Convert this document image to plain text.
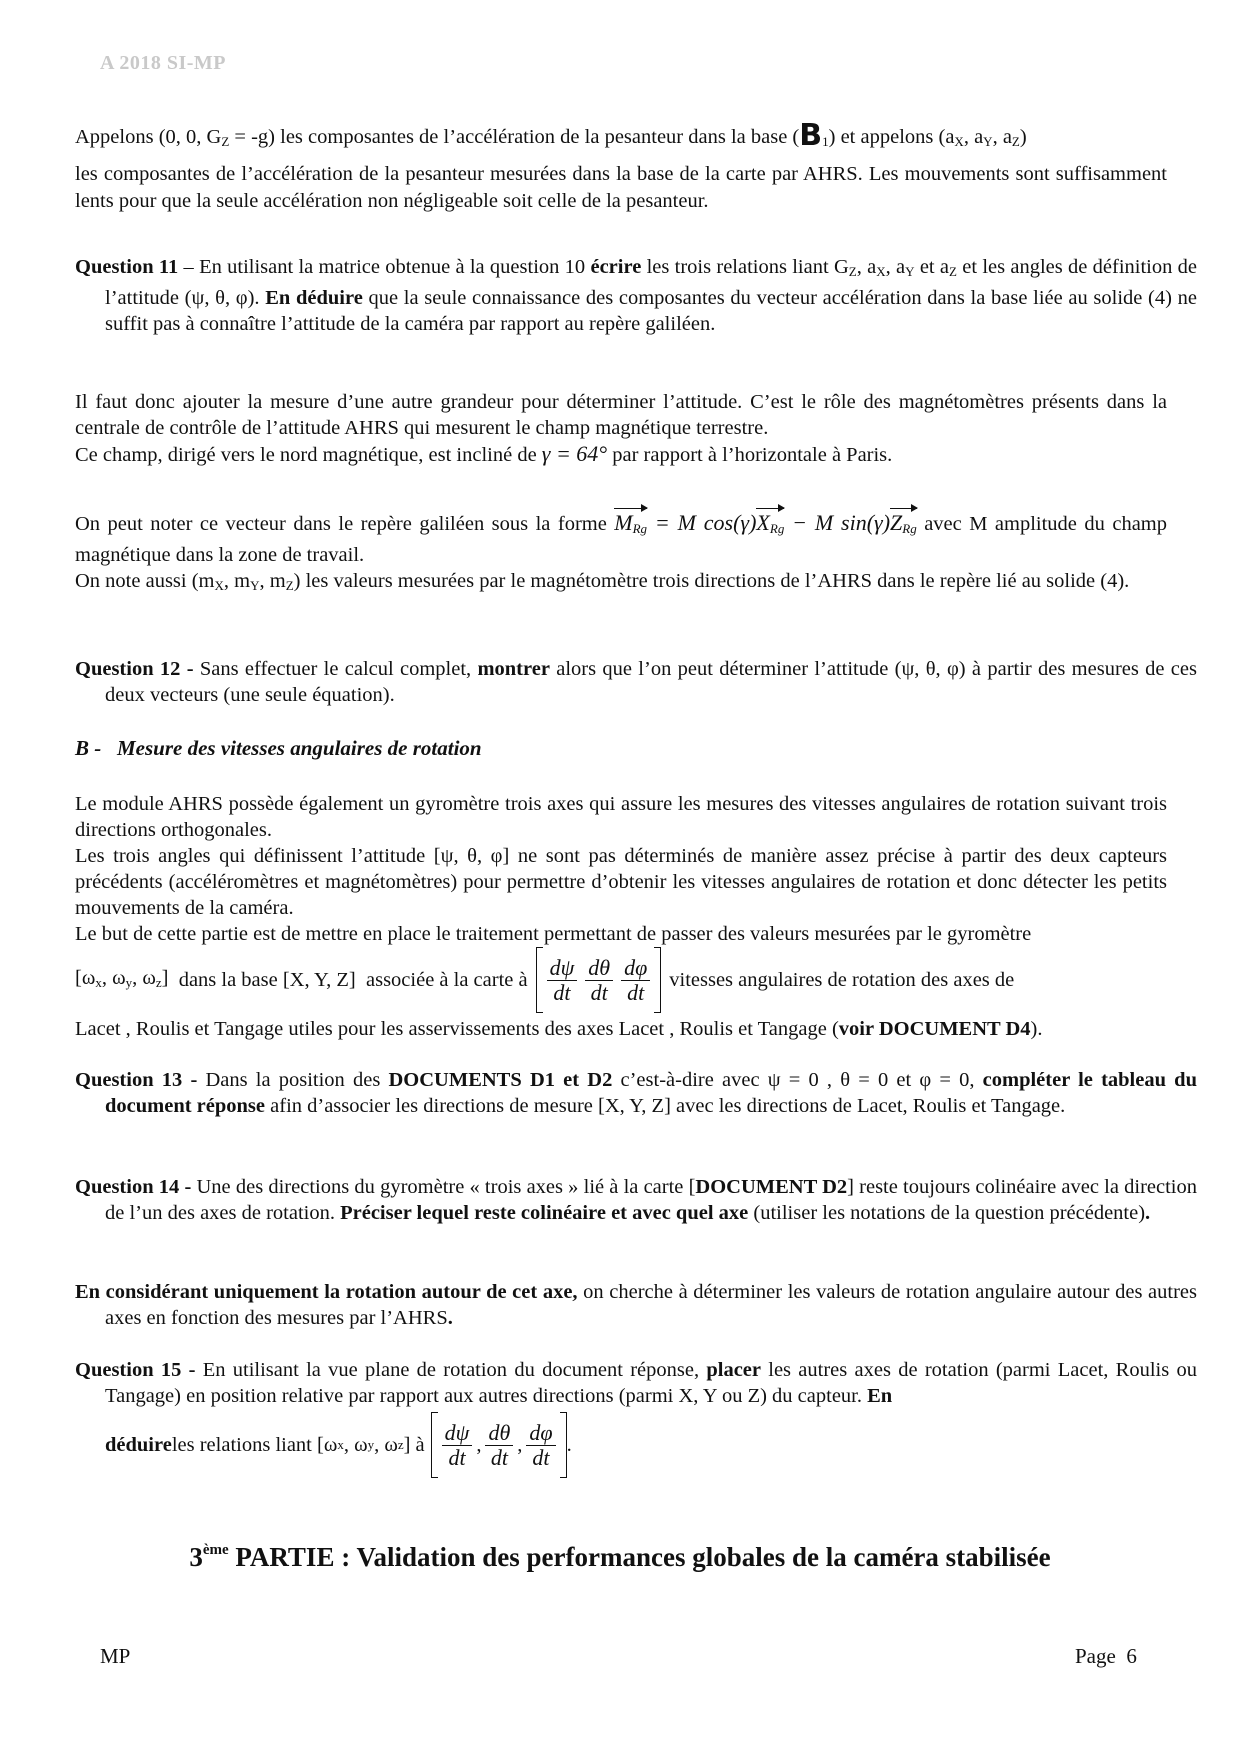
A 2018 SI-MP

Appelons (0, 0, $G_Z = -g$) les composantes de l’accélération de la pesanteur dans la base $(B_1)$ et appelons ($a_X$, $a_Y$, $a_Z$)
les composantes de l’accélération de la pesanteur mesurées dans la base de la carte par AHRS. Les mouvements sont suffisamment lents pour que la seule accélération non négligeable soit celle de la pesanteur.

Question 11 – En utilisant la matrice obtenue à la question 10 écrire les trois relations liant $G_Z$, $a_X$, $a_Y$ et $a_Z$ et les angles de définition de l’attitude (ψ, θ, φ). En déduire que la seule connaissance des composantes du vecteur accélération dans la base liée au solide (4) ne suffit pas à connaître l’attitude de la caméra par rapport au repère galiléen.

Il faut donc ajouter la mesure d’une autre grandeur pour déterminer l’attitude. C’est le rôle des magnétomètres présents dans la centrale de contrôle de l’attitude AHRS qui mesurent le champ magnétique terrestre.
Ce champ, dirigé vers le nord magnétique, est incliné de γ = 64° par rapport à l’horizontale à Paris.

On peut noter ce vecteur dans le repère galiléen sous la forme $M_{Rg} = M$ $\cos(\gamma)X_{Rg} - M$ $\sin(\gamma)Z_{Rg}$ avec M amplitude du champ magnétique dans la zone de travail.
On note aussi ($m_X$, $m_Y$, $m_Z$) les valeurs mesurées par le magnétomètre trois directions de l’AHRS dans le repère lié au solide (4).

Question 12 - Sans effectuer le calcul complet, montrer alors que l’on peut déterminer l’attitude (ψ, θ, φ) à partir des mesures de ces deux vecteurs (une seule équation).

B -   Mesure des vitesses angulaires de rotation

Le module AHRS possède également un gyromètre trois axes qui assure les mesures des vitesses angulaires de rotation suivant trois directions orthogonales.
Les trois angles qui définissent l’attitude [ψ, θ, φ] ne sont pas déterminés de manière assez précise à partir des deux capteurs précédents (accéléromètres et magnétomètres) pour permettre d’obtenir les vitesses angulaires de rotation et donc détecter les petits mouvements de la caméra.
Le but de cette partie est de mettre en place le traitement permettant de passer des valeurs mesurées par le gyromètre

[$\omega_x$, $\omega_y$, $\omega_z$] dans la base [X, Y, Z]  associée à la carte à $\frac{d\psi}{dt} \frac{d\theta}{dt} \frac{d\varphi}{dt}$ vitesses angulaires de rotation des axes de

Lacet , Roulis et Tangage utiles pour les asservissements des axes Lacet , Roulis et Tangage (voir DOCUMENT D4).

Question 13 - Dans la position des DOCUMENTS D1 et D2 c’est-à-dire avec ψ = 0 , θ = 0 et φ = 0, compléter le tableau du document réponse afin d’associer les directions de mesure [X, Y, Z] avec les directions de Lacet, Roulis et Tangage.

Question 14 - Une des directions du gyromètre « trois axes » lié à la carte [DOCUMENT D2] reste toujours colinéaire avec la direction de l’un des axes de rotation. Préciser lequel reste colinéaire et avec quel axe (utiliser les notations de la question précédente).

En considérant uniquement la rotation autour de cet axe, on cherche à déterminer les valeurs de rotation angulaire autour des autres axes en fonction des mesures par l’AHRS.

Question 15 - En utilisant la vue plane de rotation du document réponse, placer les autres axes de rotation (parmi Lacet, Roulis ou Tangage) en position relative par rapport aux autres directions (parmi X, Y ou Z) du capteur. En

déduire les relations liant [ω x , ω y , ω z ] à $\frac{d\psi}{dt}$ , $\frac{d\theta}{dt}$ , $\frac{d\varphi}{dt}$ .
3ème PARTIE : Validation des performances globales de la caméra stabilisée
MP	Page  6
